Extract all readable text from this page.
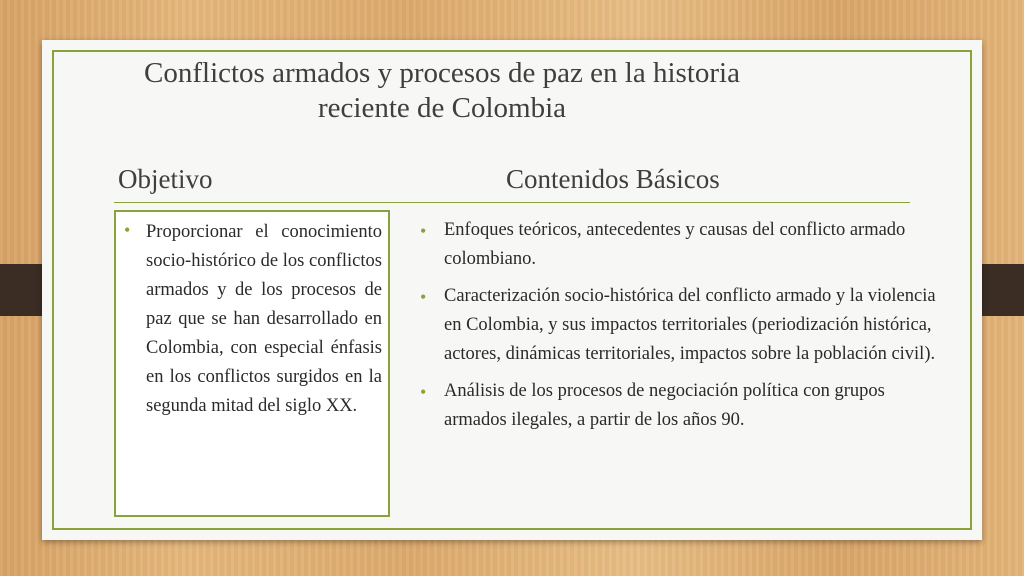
Conflictos armados y procesos de paz en la historia reciente de Colombia
Objetivo	Contenidos Básicos
• Proporcionar el conocimiento socio-histórico de los conflictos armados y de los procesos de paz que se han desarrollado en Colombia, con especial énfasis en los conflictos surgidos en la segunda mitad del siglo XX.

• Enfoques teóricos, antecedentes y causas del conflicto armado colombiano.
• Caracterización socio-histórica del conflicto armado y la violencia en Colombia, y sus impactos territoriales (periodización histórica, actores, dinámicas territoriales, impactos sobre la población civil).
• Análisis de los procesos de negociación política con grupos armados ilegales, a partir de los años 90.
